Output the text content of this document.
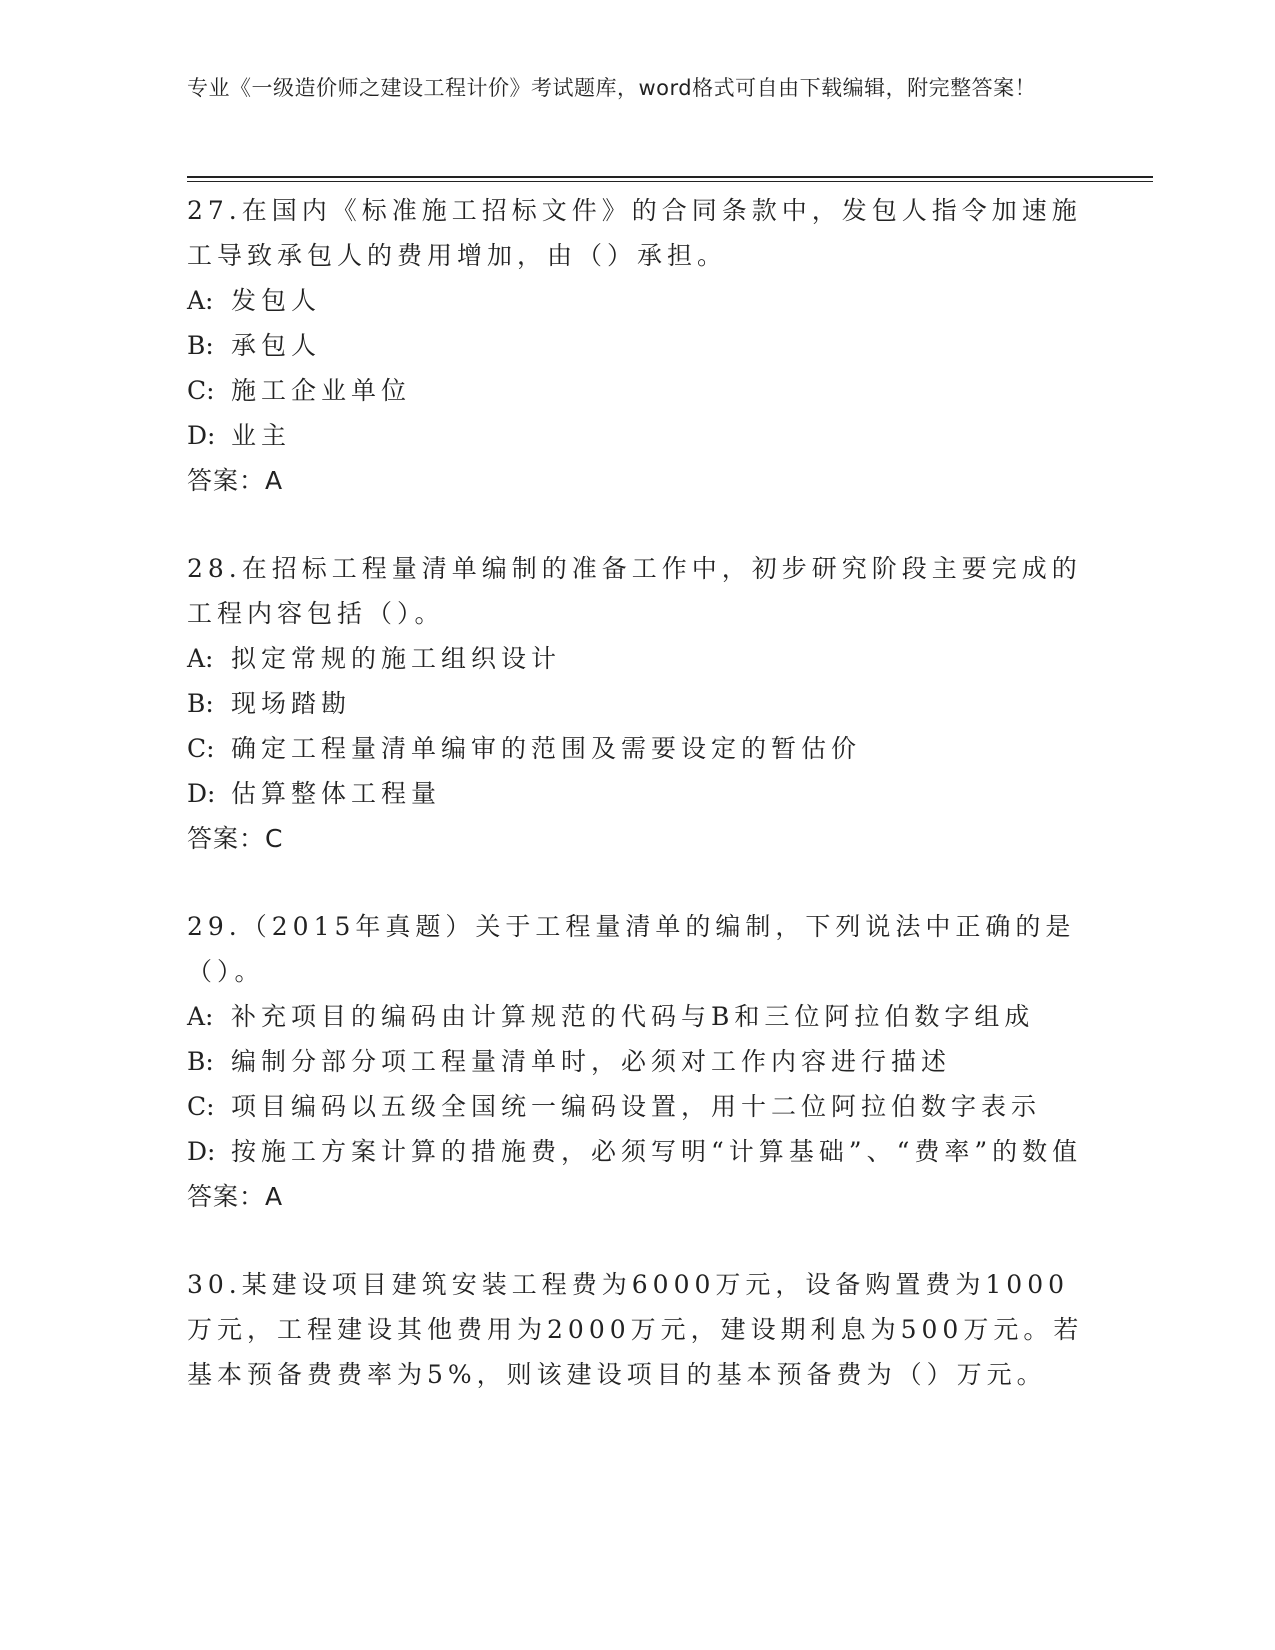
专业《一级造价师之建设工程计价》考试题库，word格式可自由下载编辑，附完整答案！

27.在国内《标准施工招标文件》的合同条款中，发包人指令加速施工导致承包人的费用增加，由（）承担。

A: 发包人
B: 承包人
C: 施工企业单位
D: 业主

答案：A

28.在招标工程量清单编制的准备工作中，初步研究阶段主要完成的工程内容包括（）。

A: 拟定常规的施工组织设计
B: 现场踏勘
C: 确定工程量清单编审的范围及需要设定的暂估价
D: 估算整体工程量

答案：C

29.（2015年真题）关于工程量清单的编制，下列说法中正确的是（）。

A: 补充项目的编码由计算规范的代码与B和三位阿拉伯数字组成
B: 编制分部分项工程量清单时，必须对工作内容进行描述
C: 项目编码以五级全国统一编码设置，用十二位阿拉伯数字表示
D: 按施工方案计算的措施费，必须写明“计算基础”、“费率”的数值

答案：A

30.某建设项目建筑安装工程费为6000万元，设备购置费为1000万元，工程建设其他费用为2000万元，建设期利息为500万元。若基本预备费费率为5%，则该建设项目的基本预备费为（）万元。
